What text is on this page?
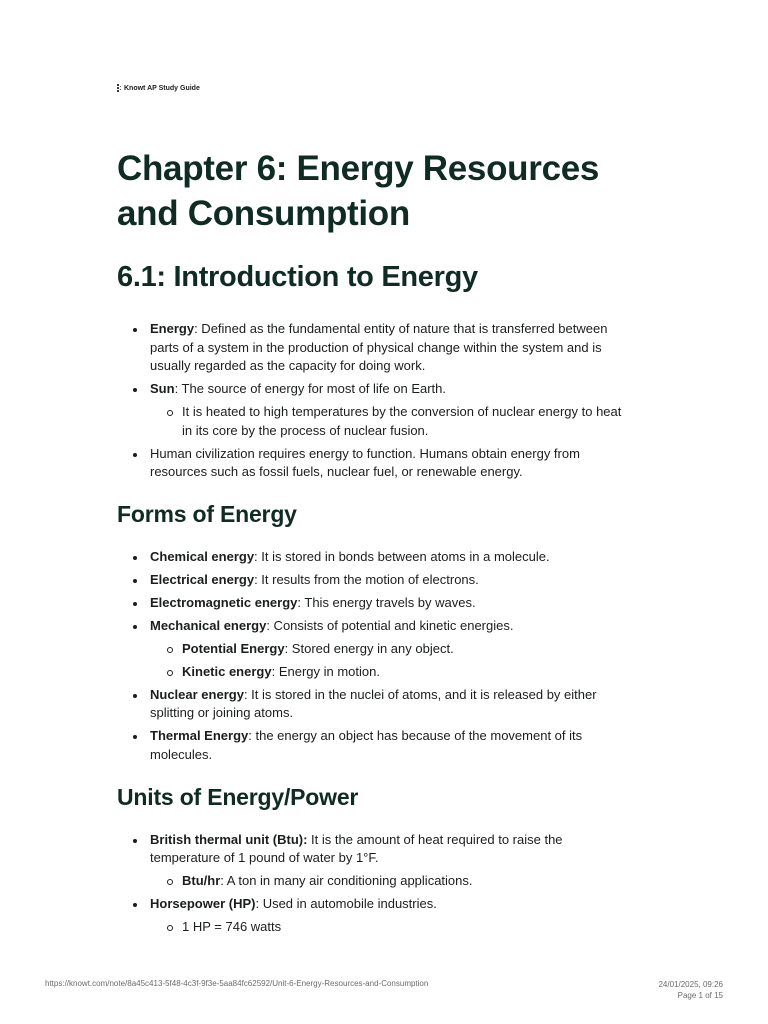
Knowt AP Study Guide
Chapter 6: Energy Resources and Consumption
6.1: Introduction to Energy
Energy: Defined as the fundamental entity of nature that is transferred between parts of a system in the production of physical change within the system and is usually regarded as the capacity for doing work.
Sun: The source of energy for most of life on Earth.
It is heated to high temperatures by the conversion of nuclear energy to heat in its core by the process of nuclear fusion.
Human civilization requires energy to function. Humans obtain energy from resources such as fossil fuels, nuclear fuel, or renewable energy.
Forms of Energy
Chemical energy: It is stored in bonds between atoms in a molecule.
Electrical energy: It results from the motion of electrons.
Electromagnetic energy: This energy travels by waves.
Mechanical energy: Consists of potential and kinetic energies.
Potential Energy: Stored energy in any object.
Kinetic energy: Energy in motion.
Nuclear energy: It is stored in the nuclei of atoms, and it is released by either splitting or joining atoms.
Thermal Energy: the energy an object has because of the movement of its molecules.
Units of Energy/Power
British thermal unit (Btu): It is the amount of heat required to raise the temperature of 1 pound of water by 1°F.
Btu/hr: A ton in many air conditioning applications.
Horsepower (HP): Used in automobile industries.
1 HP = 746 watts
https://knowt.com/note/8a45c413-5f48-4c3f-9f3e-5aa84fc62592/Unit-6-Energy-Resources-and-Consumption	24/01/2025, 09:26
Page 1 of 15
